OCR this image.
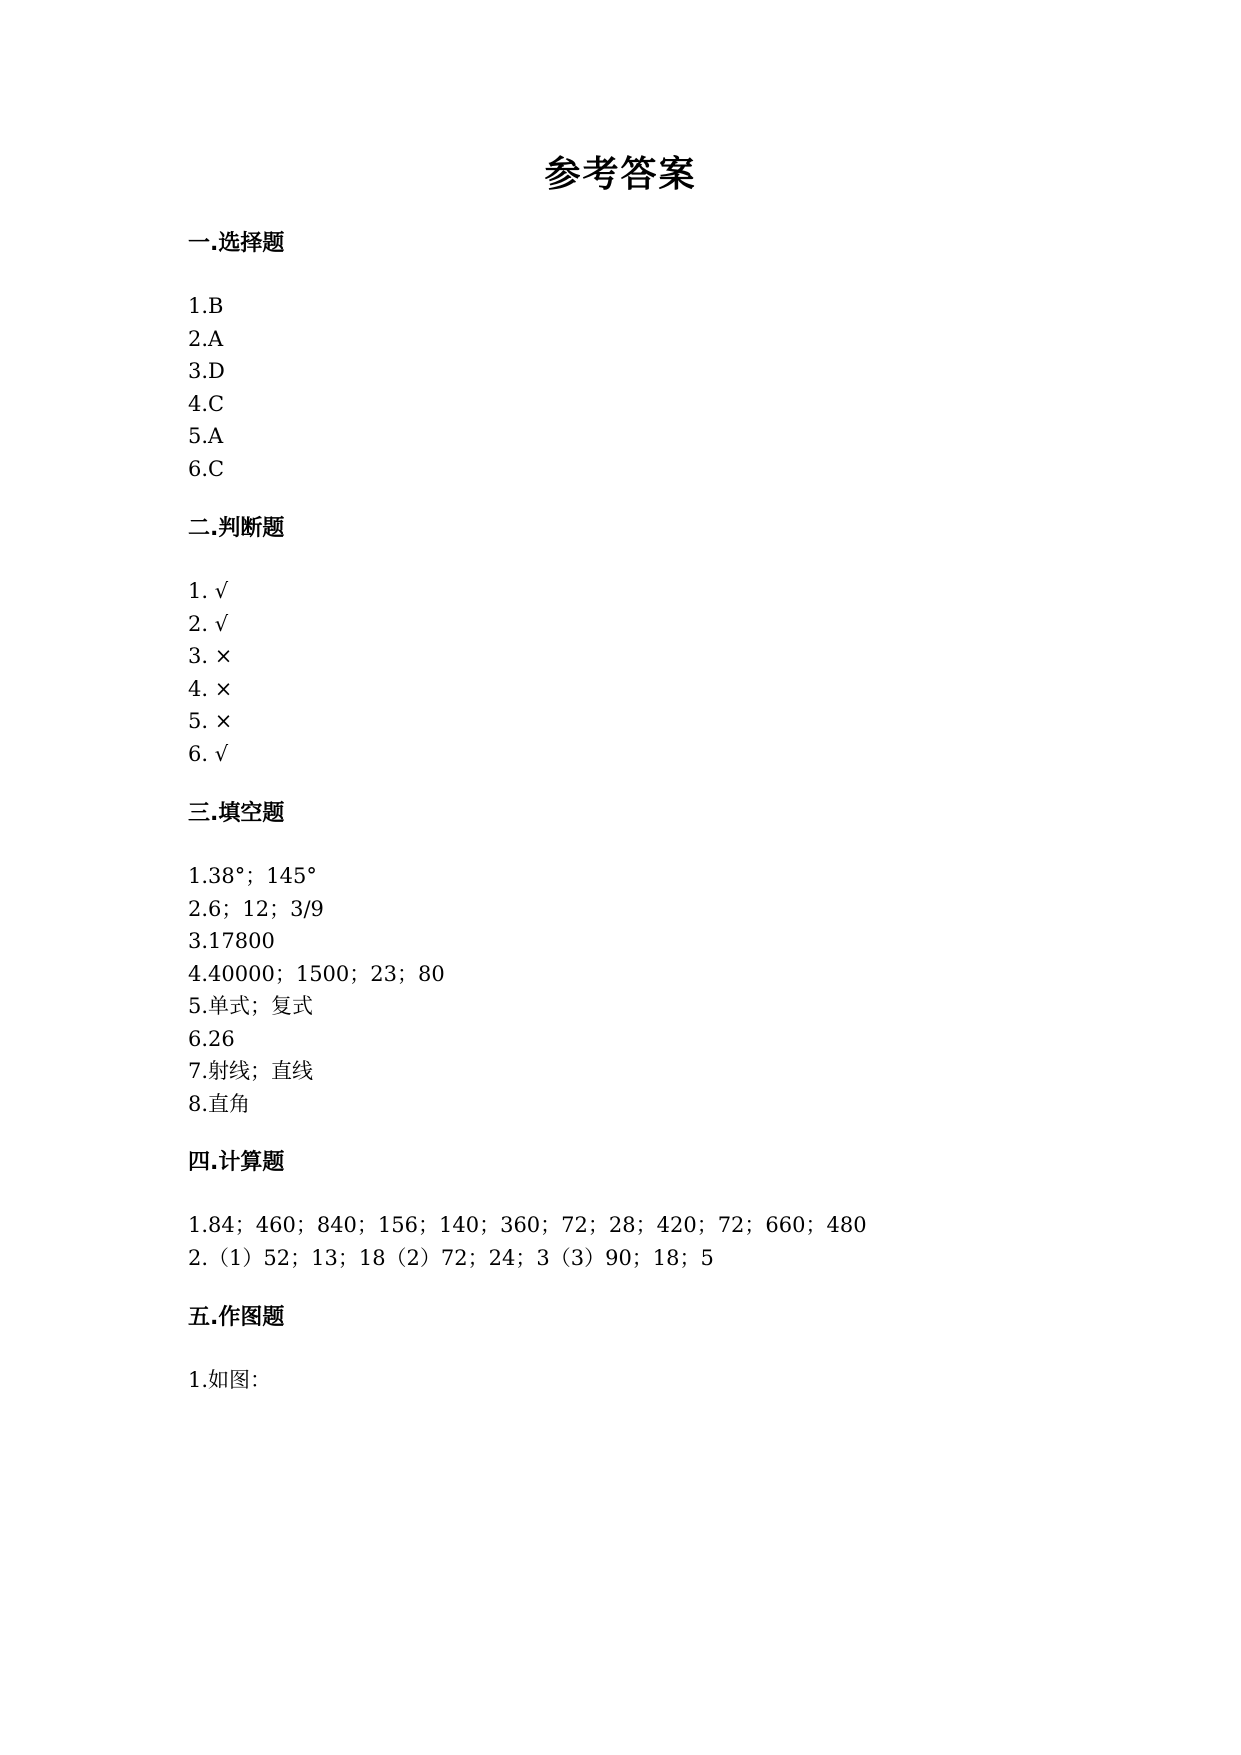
参考答案
一.选择题
1.B
2.A
3.D
4.C
5.A
6.C
二.判断题
1. √
2. √
3. ×
4. ×
5. ×
6. √
三.填空题
1.38°；145°
2.6；12；3/9
3.17800
4.40000；1500；23；80
5.单式；复式
6.26
7.射线；直线
8.直角
四.计算题
1.84；460；840；156；140；360；72；28；420；72；660；480
2.（1）52；13；18（2）72；24；3（3）90；18；5
五.作图题
1.如图：
